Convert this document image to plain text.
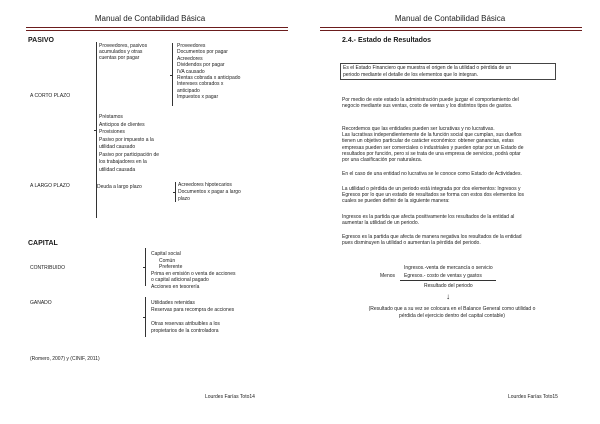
Manual de Contabilidad Básica
PASIVO
A CORTO PLAZO
Proveedores, pasivos
acumulados y otras
cuentas por pagar
Proveedores
Documentos por pagar
Acreedores
Dividendos por pagar
IVA causado
Rentas cobrada x anticipado
Intereses cobrados x
anticipado
Impuestos x pagar
Préstamos
Anticipos de clientes
Provisiones
Pasivo por impuesto a la
utilidad causado
Pasivo por participación de
los trabajadores en la
utilidad causada
A LARGO PLAZO	Deuda a largo plazo	Acreedores hipotecarios
Documentos x pagar a largo
plazo
CAPITAL
CONTRIBUIDO
Capital social
Común
Preferente
Prima en emisión o venta de acciones
o capital adicional pagado
Acciones en tesorería
GANADO	Utilidades retenidas
Reservas para recompra de acciones
Otras reservas atribuibles a los
propietarios de la controladora
(Romero, 2007) y (CINIF, 2011)
Lourdes Farías Toto14
Manual de Contabilidad Básica
2.4.- Estado de Resultados
Es el Estado Financiero que muestra el origen de la utilidad o pérdida de un
periodo mediante el detalle de los elementos que lo integran.
Por medio de este estado la administración puede juzgar el comportamiento del
negocio mediante sus ventas, costo de ventas y los distintos tipos de gastos.
Recordemos que las entidades pueden ser lucrativas y no lucrativas.
Las lucrativas independientemente de la función social que cumplan, sus dueños
tienen un objetivo particular de carácter económico: obtener ganancias, estas
empresas pueden ser comerciales o industriales y pueden optar por un Estado de
resultados por función, pero si se trata de una empresa de servicios, podrá optar
por una clasificación por naturaleza.
En el caso de una entidad no lucrativa se le conoce como Estado de Actividades.
La utilidad o pérdida de un periodo está integrada por dos elementos: Ingresos y
Egresos por lo que un estado de resultados se forma con estos dos elementos los
cuales se pueden definir de la siguiente manera:
Ingresos es la partida que afecta positivamente los resultados de la entidad al
aumentar la utilidad de un periodo.
Egresos es la partida que afecta de manera negativa los resultados de la entidad
pues disminuyen la utilidad o aumentan la pérdida del periodo.
Ingresos.-venta de mercancía o servicio
Menos Egresos.- costo de ventas y gastos
Resultado del periodo
↓
(Resultado que a su vez se colocara en el Balance General como utilidad o
pérdida del ejercicio dentro del capital contable)
Lourdes Farías Toto15
